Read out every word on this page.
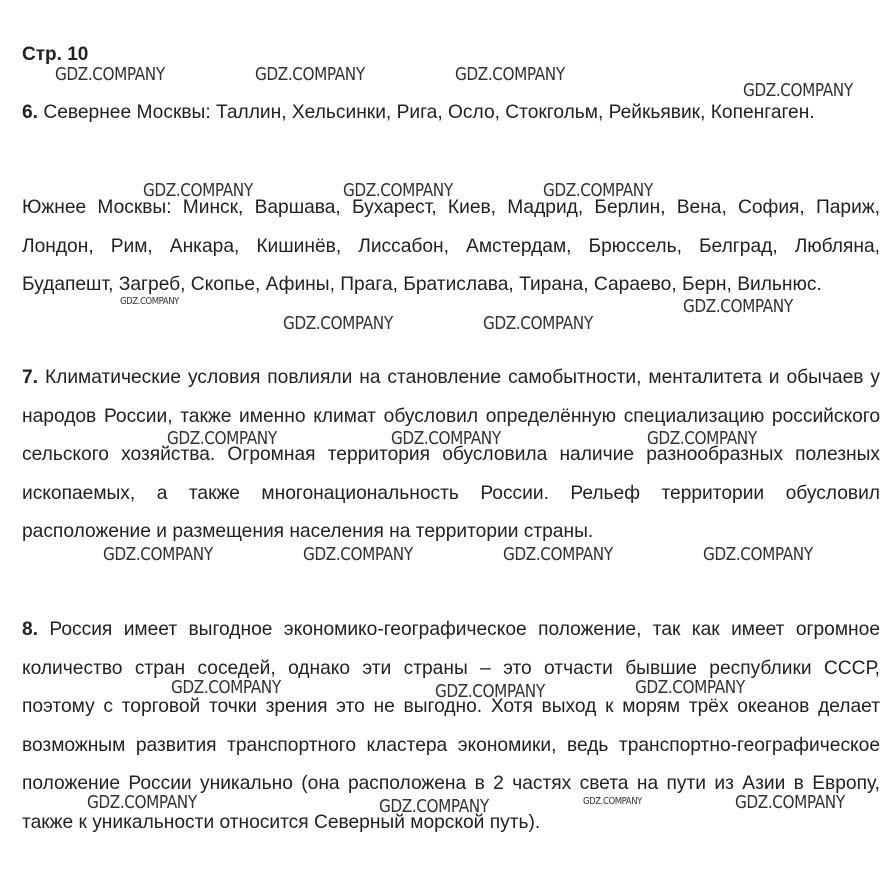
Стр. 10

6. Севернее Москвы: Таллин, Хельсинки, Рига, Осло, Стокгольм, Рейкьявик, Копенгаген.

Южнее Москвы: Минск, Варшава, Бухарест, Киев, Мадрид, Берлин, Вена, София, Париж, Лондон, Рим, Анкара, Кишинёв, Лиссабон, Амстердам, Брюссель, Белград, Любляна, Будапешт, Загреб, Скопье, Афины, Прага, Братислава, Тирана, Сараево, Берн, Вильнюс.

7. Климатические условия повлияли на становление самобытности, менталитета и обычаев у народов России, также именно климат обусловил определённую специализацию российского сельского хозяйства. Огромная территория обусловила наличие разнообразных полезных ископаемых, а также многонациональность России. Рельеф территории обусловил расположение и размещения населения на территории страны.

8. Россия имеет выгодное экономико-географическое положение, так как имеет огромное количество стран соседей, однако эти страны – это отчасти бывшие республики СССР, поэтому с торговой точки зрения это не выгодно. Хотя выход к морям трёх океанов делает возможным развития транспортного кластера экономики, ведь транспортно-географическое положение России уникально (она расположена в 2 частях света на пути из Азии в Европу, также к уникальности относится Северный морской путь).

GDZ.COMPANY	GDZ.COMPANY	GDZ.COMPANY
GDZ.COMPANY
GDZ.COMPANY	GDZ.COMPANY	GDZ.COMPANY
GDZ.COMPANY	GDZ.COMPANY
GDZ.COMPANY	GDZ.COMPANY
GDZ.COMPANY	GDZ.COMPANY	GDZ.COMPANY
GDZ.COMPANY	GDZ.COMPANY	GDZ.COMPANY	GDZ.COMPANY
GDZ.COMPANY	GDZ.COMPANY	GDZ.COMPANY
GDZ.COMPANY	GDZ.COMPANY	GDZ.COMPANY	GDZ.COMPANY
